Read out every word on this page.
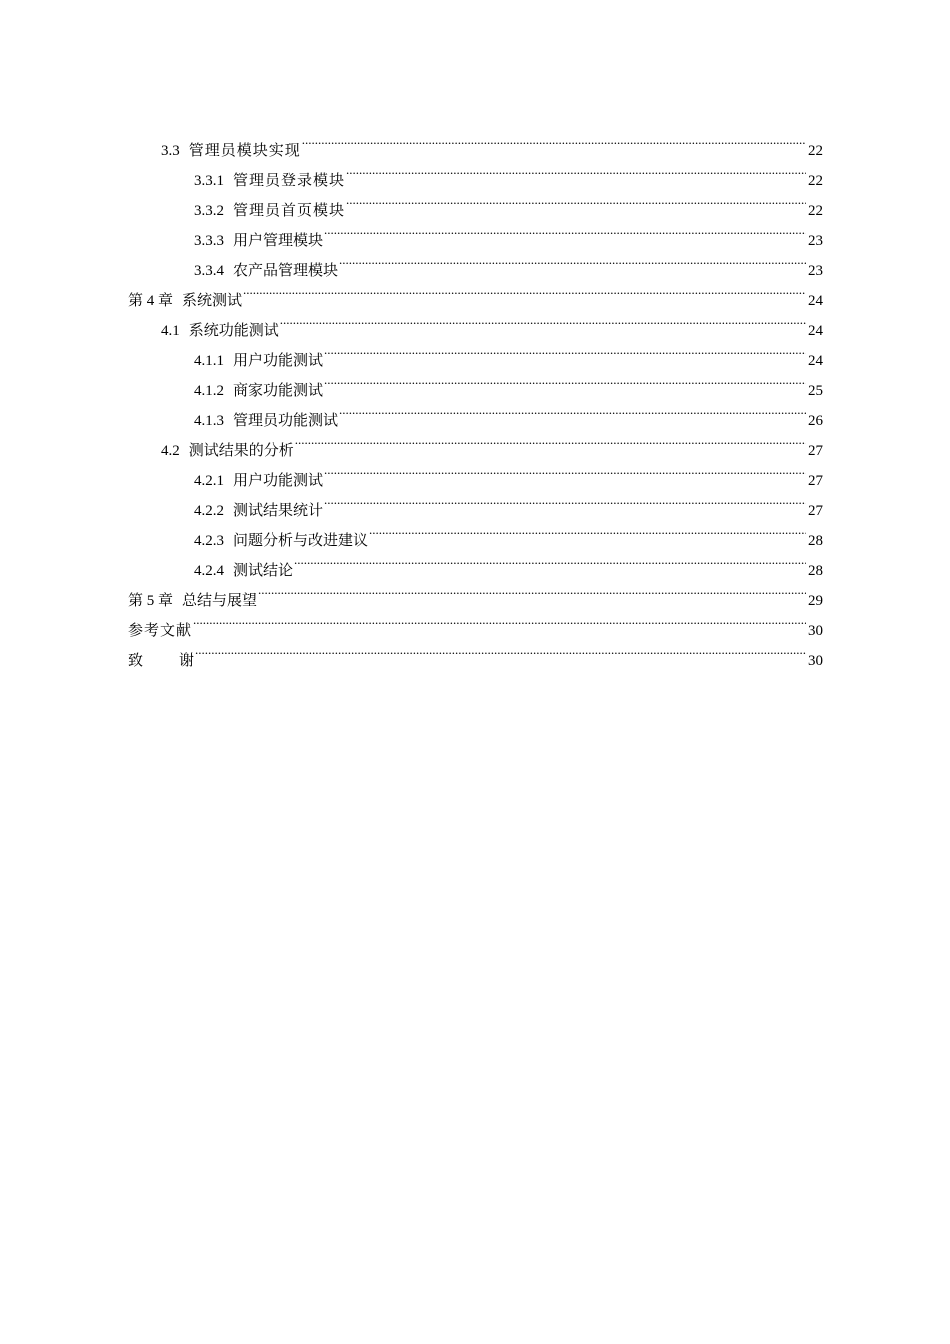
3.3 管理员模块实现 .....	22
3.3.1 管理员登录模块 .....	22
3.3.2 管理员首页模块 .....	22
3.3.3 用户管理模块 .....	23
3.3.4 农产品管理模块 .....	23
第 4 章 系统测试 .....	24
4.1 系统功能测试 .....	24
4.1.1 用户功能测试 .....	24
4.1.2 商家功能测试 .....	25
4.1.3 管理员功能测试 .....	26
4.2 测试结果的分析 .....	27
4.2.1 用户功能测试 .....	27
4.2.2 测试结果统计 .....	27
4.2.3 问题分析与改进建议 .....	28
4.2.4 测试结论 .....	28
第 5 章 总结与展望 .....	29
参考文献 .....	30
致 谢 .....	30
